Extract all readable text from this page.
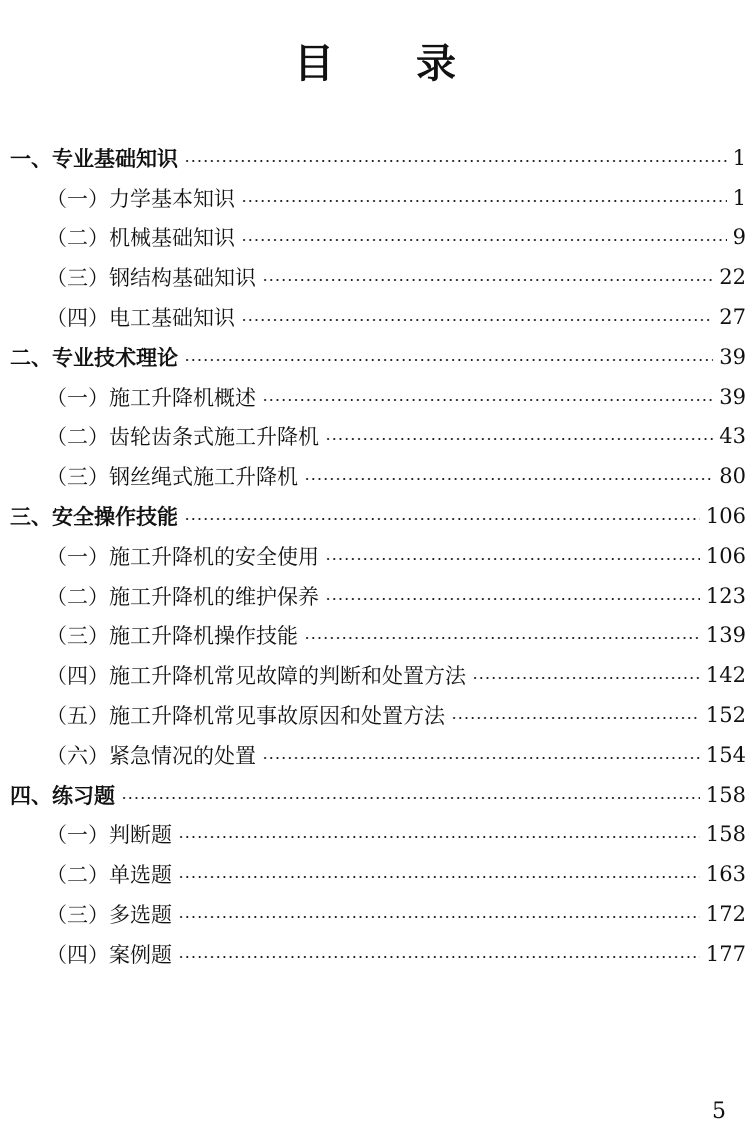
目 录
一、专业基础知识	1
（一）力学基本知识	1
（二）机械基础知识	9
（三）钢结构基础知识	22
（四）电工基础知识	27
二、专业技术理论	39
（一）施工升降机概述	39
（二）齿轮齿条式施工升降机	43
（三）钢丝绳式施工升降机	80
三、安全操作技能	106
（一）施工升降机的安全使用	106
（二）施工升降机的维护保养	123
（三）施工升降机操作技能	139
（四）施工升降机常见故障的判断和处置方法	142
（五）施工升降机常见事故原因和处置方法	152
（六）紧急情况的处置	154
四、练习题	158
（一）判断题	158
（二）单选题	163
（三）多选题	172
（四）案例题	177
5
